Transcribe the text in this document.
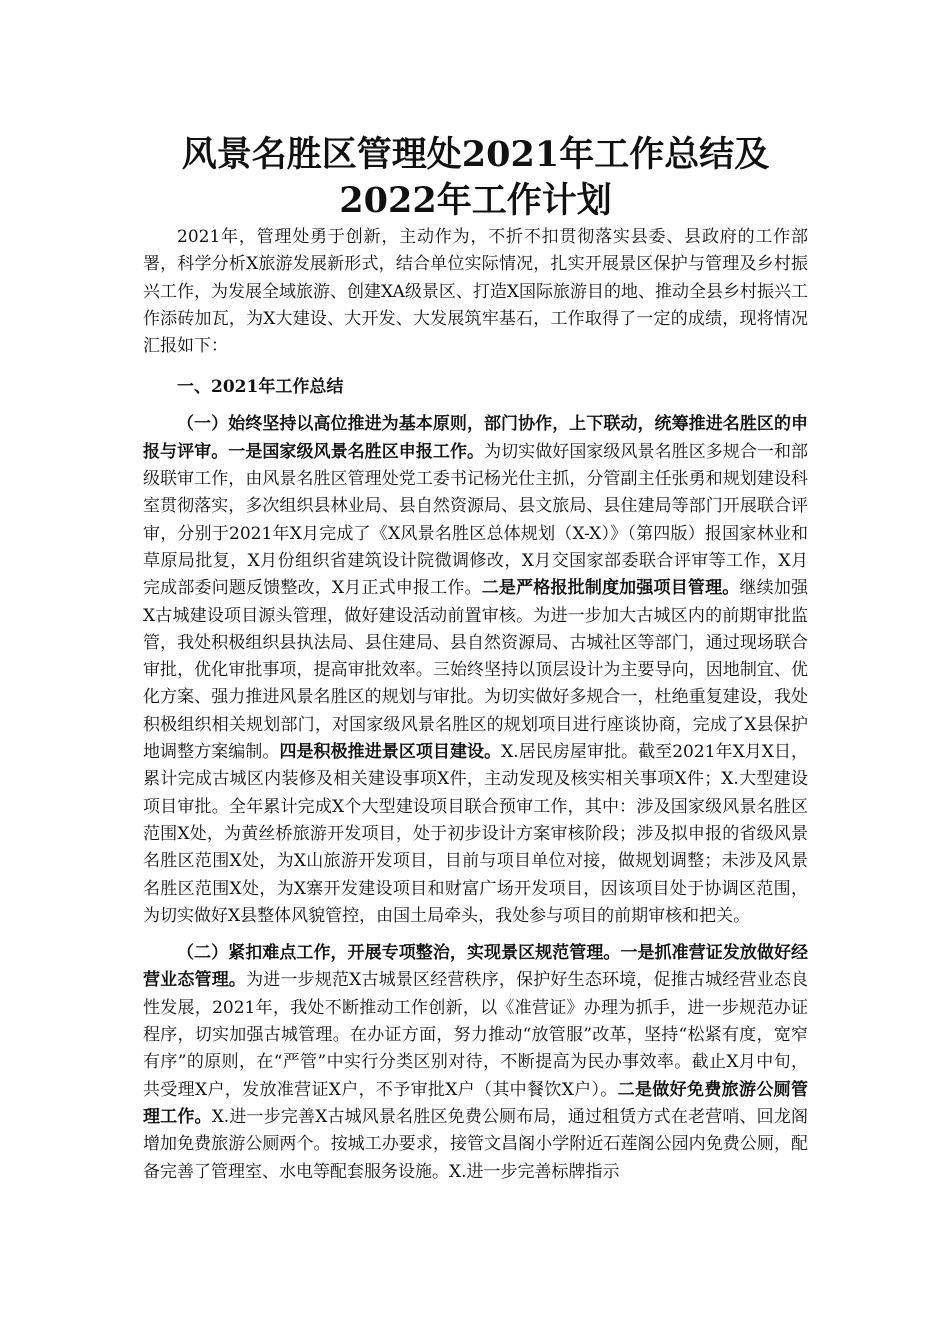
风景名胜区管理处2021年工作总结及2022年工作计划

2021年，管理处勇于创新，主动作为，不折不扣贯彻落实县委、县政府的工作部署，科学分析X旅游发展新形式，结合单位实际情况，扎实开展景区保护与管理及乡村振兴工作，为发展全域旅游、创建XA级景区、打造X国际旅游目的地、推动全县乡村振兴工作添砖加瓦，为X大建设、大开发、大发展筑牢基石，工作取得了一定的成绩，现将情况汇报如下：

一、2021年工作总结

（一）始终坚持以高位推进为基本原则，部门协作，上下联动，统筹推进名胜区的申报与评审。一是国家级风景名胜区申报工作。为切实做好国家级风景名胜区多规合一和部级联审工作，由风景名胜区管理处党工委书记杨光仕主抓，分管副主任张勇和规划建设科室贯彻落实，多次组织县林业局、县自然资源局、县文旅局、县住建局等部门开展联合评审，分别于2021年X月完成了《X风景名胜区总体规划（X-X）》（第四版）报国家林业和草原局批复，X月份组织省建筑设计院微调修改，X月交国家部委联合评审等工作，X月完成部委问题反馈整改，X月正式申报工作。二是严格报批制度加强项目管理。继续加强X古城建设项目源头管理，做好建设活动前置审核。为进一步加大古城区内的前期审批监管，我处积极组织县执法局、县住建局、县自然资源局、古城社区等部门，通过现场联合审批，优化审批事项，提高审批效率。三始终坚持以顶层设计为主要导向，因地制宜、优化方案、强力推进风景名胜区的规划与审批。为切实做好多规合一，杜绝重复建设，我处积极组织相关规划部门，对国家级风景名胜区的规划项目进行座谈协商，完成了X县保护地调整方案编制。四是积极推进景区项目建设。X.居民房屋审批。截至2021年X月X日，累计完成古城区内装修及相关建设事项X件，主动发现及核实相关事项X件；X.大型建设项目审批。全年累计完成X个大型建设项目联合预审工作，其中：涉及国家级风景名胜区范围X处，为黄丝桥旅游开发项目，处于初步设计方案审核阶段；涉及拟申报的省级风景名胜区范围X处，为X山旅游开发项目，目前与项目单位对接，做规划调整；未涉及风景名胜区范围X处，为X寨开发建设项目和财富广场开发项目，因该项目处于协调区范围，为切实做好X县整体风貌管控，由国土局牵头，我处参与项目的前期审核和把关。

（二）紧扣难点工作，开展专项整治，实现景区规范管理。一是抓准营证发放做好经营业态管理。为进一步规范X古城景区经营秩序，保护好生态环境，促推古城经营业态良性发展，2021年，我处不断推动工作创新，以《准营证》办理为抓手，进一步规范办证程序，切实加强古城管理。在办证方面，努力推动“放管服”改革，坚持“松紧有度，宽窄有序”的原则，在“严管”中实行分类区别对待，不断提高为民办事效率。截止X月中旬，共受理X户，发放准营证X户，不予审批X户（其中餐饮X户）。二是做好免费旅游公厕管理工作。X.进一步完善X古城风景名胜区免费公厕布局，通过租赁方式在老营哨、回龙阁增加免费旅游公厕两个。按城工办要求，接管文昌阁小学附近石莲阁公园内免费公厕，配备完善了管理室、水电等配套服务设施。X.进一步完善标牌指示
